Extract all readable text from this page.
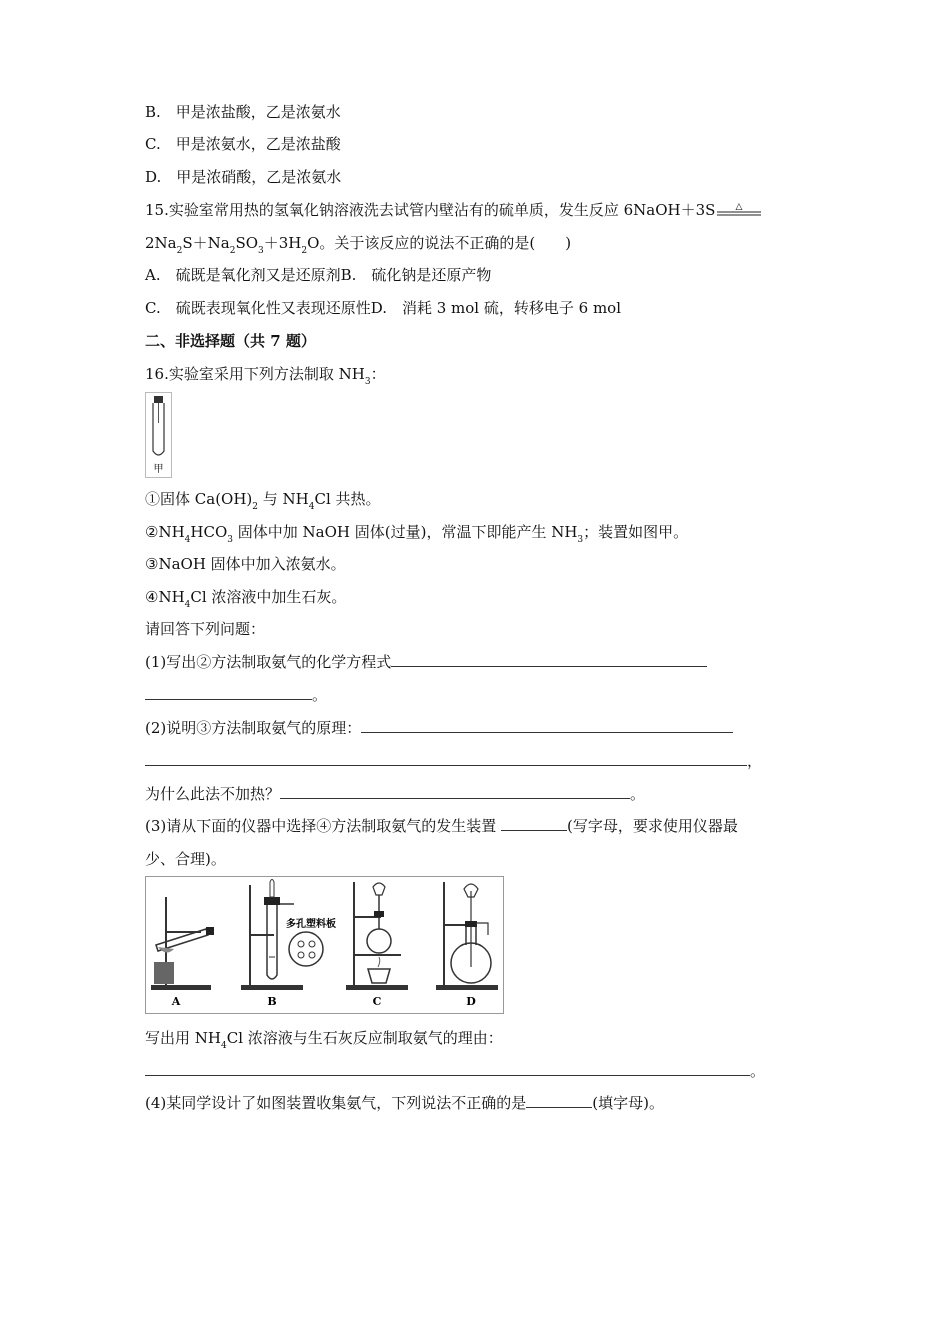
B.　甲是浓盐酸，乙是浓氨水
C.　甲是浓氨水，乙是浓盐酸
D.　甲是浓硝酸，乙是浓氨水
15.实验室常用热的氢氧化钠溶液洗去试管内壁沾有的硫单质，发生反应 6NaOH＋3S △
$2Na_2S+Na_2SO_3+3H_2O$。关于该反应的说法不正确的是(　　)
A.　硫既是氧化剂又是还原剂B.　硫化钠是还原产物
C.　硫既表现氧化性又表现还原性D.　消耗 3 mol 硫，转移电子 6 mol
二、非选择题（共 7 题）
16.实验室采用下列方法制取 $NH_3$：
甲
①固体 $Ca(OH)_2$ 与 $NH_4Cl$ 共热。
$②NH_4HCO_3$ 固体中加 NaOH 固体(过量)，常温下即能产生 $NH_3$；装置如图甲。
③NaOH 固体中加入浓氨水。
$④NH_4Cl$ 浓溶液中加生石灰。
请回答下列问题：
(1)写出②方法制取氨气的化学方程式
。
(2)说明③方法制取氨气的原理：
，
为什么此法不加热？	。
(3)请从下面的仪器中选择④方法制取氨气的发生装置	(写字母，要求使用仪器最
少、合理)。
A
多孔塑料板
B	C	D
写出用 $NH_4Cl$ 浓溶液与生石灰反应制取氨气的理由：
。
(4)某同学设计了如图装置收集氨气，下列说法不正确的是	(填字母)。
